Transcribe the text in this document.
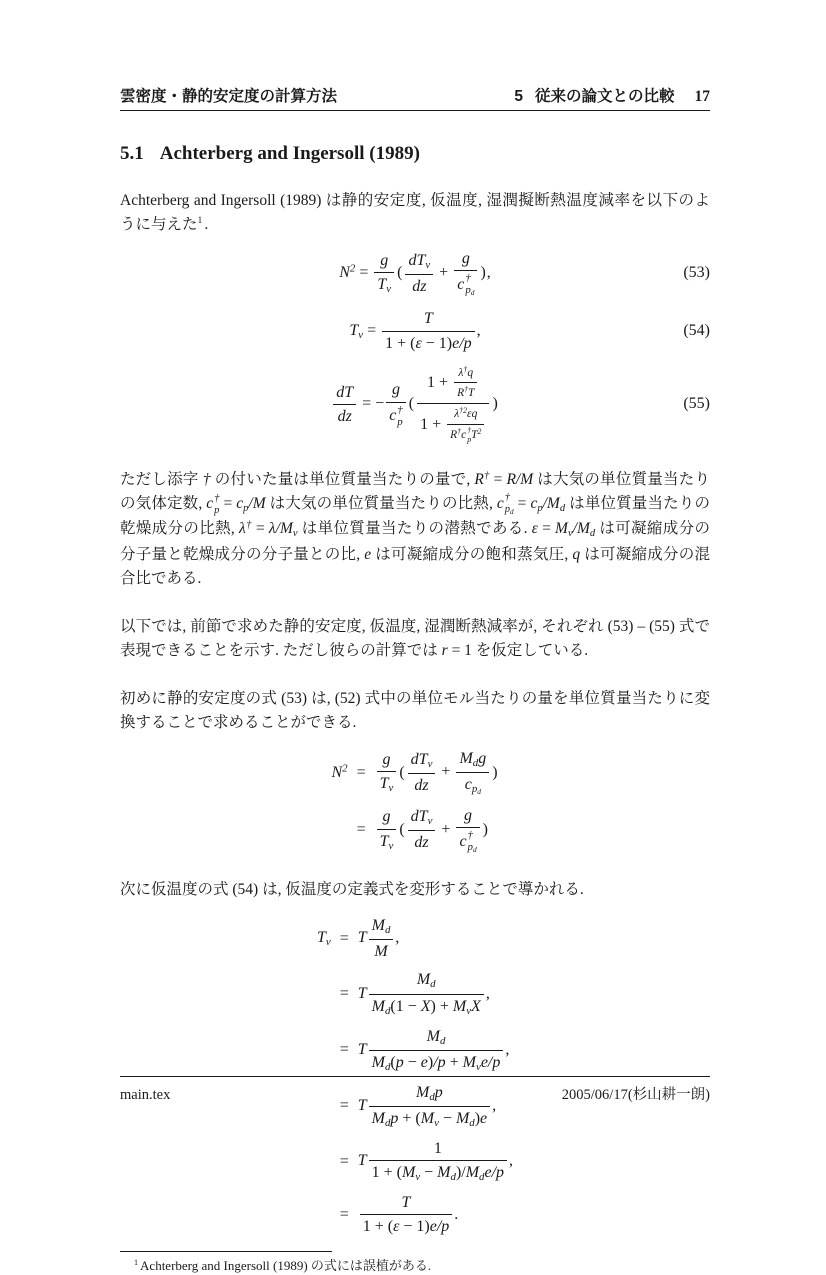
雲密度・静的安定度の計算方法	5 従来の論文との比較 17
5.1 Achterberg and Ingersoll (1989)
Achterberg and Ingersoll (1989) は静的安定度, 仮温度, 湿潤擬断熱温度減率を以下のように与えた$^1$ .
$N^2 = \frac{g}{Tv}$ (
dTv
dz
+ g
c †
pd ),	(53)
$Tv = \frac{T}{1 + (\varepsilon - 1)e/p}$ ,	(54)
$\frac{dT}{dz}$ = − g
c †
p (
$1 + \frac{\lambda^\dagger q}{R^\dagger T}$
$1 + \lambda^{\dagger 2}\varepsilon q$
R†c †
p $T^2$
)	(55)
ただし添字 † の付いた量は単位質量当たりの量で, R† = R/M は大気の単位質量当たりの気体定数, c †
p = cp/M は大気の単位質量当たりの比熱, c †
pd = cp/Md は単位質量当たりの乾燥成分の比熱, λ† = λ/Mv は単位質量当たりの潜熱である. ε = Mv/Md は可凝縮成分の分子量と乾燥成分の分子量との比, e は可凝縮成分の飽和蒸気圧, q は可凝縮成分の混合比である.
以下では, 前節で求めた静的安定度, 仮温度, 湿潤断熱減率が, それぞれ (53) – (55) 式で表現できることを示す. ただし彼らの計算では r = 1 を仮定している.
初めに静的安定度の式 (53) は, (52) 式中の単位モル当たりの量を単位質量当たりに変換することで求めることができる.
$N^2 = \frac{g}{Tv}$ (
dTv
dz
+
Mdg
cpd
)
= $\frac{g}{Tv}$ (
dTv
dz
+ g
c †
pd )
次に仮温度の式 (54) は, 仮温度の定義式を変形することで導かれる.
Tv = T $\frac{Md}{M}$ ,
= T
Md
Md(1 − X) + MvX
,
= T
Md
Md(p − e)/p + Mve/p
,
= T
Mdp
Mdp + (Mv − Md)e
,
= T
1
1 + (Mv − Md)/Mde/p
,
= $\frac{T}{1 + (\varepsilon - 1)e/p}$ .
$^1$ Achterberg and Ingersoll (1989) の式には誤植がある.
main.tex	2005/06/17(杉山耕一朗)
